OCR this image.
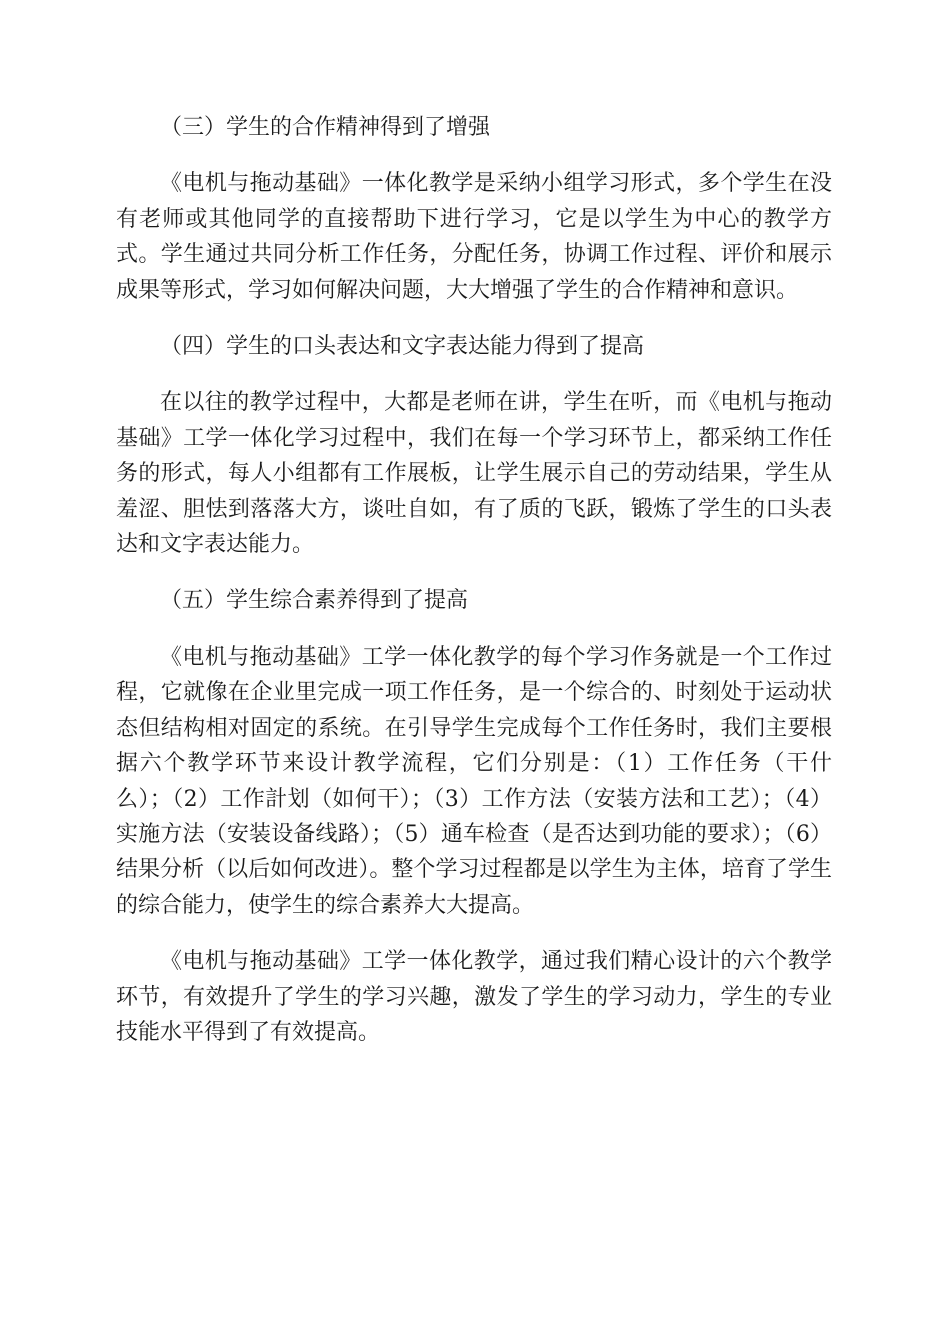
（三）学生的合作精神得到了增强

《电机与拖动基础》一体化教学是采纳小组学习形式，多个学生在没有老师或其他同学的直接帮助下进行学习，它是以学生为中心的教学方式。学生通过共同分析工作任务，分配任务，协调工作过程、评价和展示成果等形式，学习如何解决问题，大大增强了学生的合作精神和意识。

（四）学生的口头表达和文字表达能力得到了提高

在以往的教学过程中，大都是老师在讲，学生在听，而《电机与拖动基础》工学一体化学习过程中，我们在每一个学习环节上，都采纳工作任务的形式，每人小组都有工作展板，让学生展示自己的劳动结果，学生从羞涩、胆怯到落落大方，谈吐自如，有了质的飞跃，锻炼了学生的口头表达和文字表达能力。

（五）学生综合素养得到了提高

《电机与拖动基础》工学一体化教学的每个学习作务就是一个工作过程，它就像在企业里完成一项工作任务，是一个综合的、时刻处于运动状态但结构相对固定的系统。在引导学生完成每个工作任务时，我们主要根据六个教学环节来设计教学流程，它们分别是：（1）工作任务（干什么）；（2）工作計划（如何干）；（3）工作方法（安装方法和工艺）；（4）实施方法（安装设备线路）；（5）通车检查（是否达到功能的要求）；（6）结果分析（以后如何改进）。整个学习过程都是以学生为主体，培育了学生的综合能力，使学生的综合素养大大提高。

《电机与拖动基础》工学一体化教学，通过我们精心设计的六个教学环节，有效提升了学生的学习兴趣，激发了学生的学习动力，学生的专业技能水平得到了有效提高。
